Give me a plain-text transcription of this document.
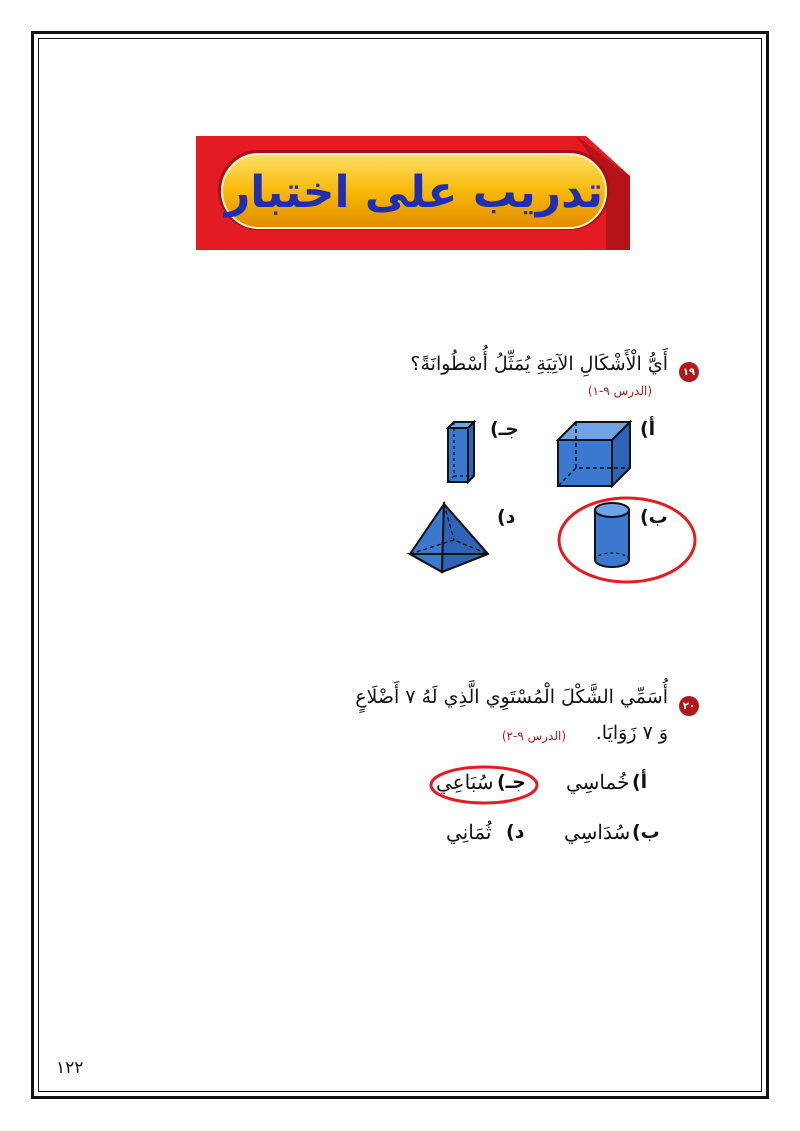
تدريب على اختبار
١٩
أَيُّ الْأَشْكَالِ الآتِيَةِ يُمَثِّلُ أُسْطُوانَةً؟
(الدرس ٩-١)
أ)
جـ)
ب)
د)
٢٠
أُسَمِّي الشَّكْلَ الْمُسْتَوِي الَّذِي لَهُ ٧ أَضْلَاعٍ
وَ ٧ زَوَايَا.
(الدرس ٩-٢)
أ)
خُماسِي
جـ)
سُبَاعِي
ب)
سُدَاسِي
د)
ثُمَانِي
١٢٢
